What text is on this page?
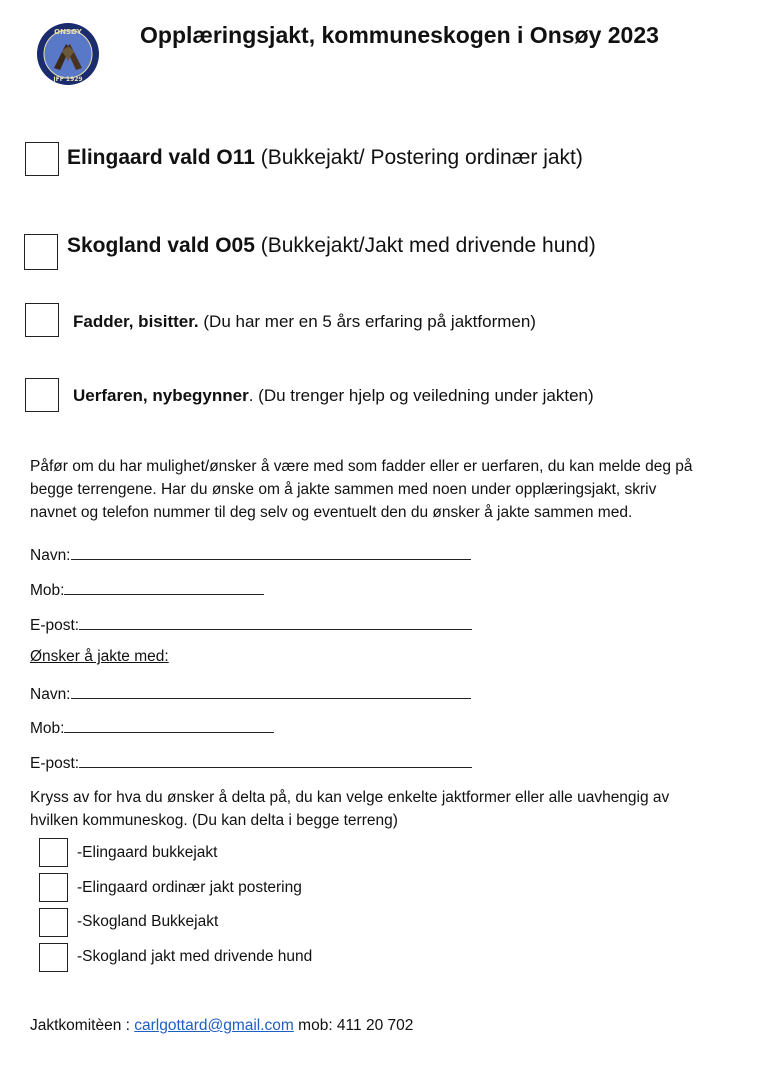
ONSØY
JFF 1929
Opplæringsjakt, kommuneskogen i Onsøy 2023
Elingaard vald O11 (Bukkejakt/ Postering ordinær jakt)
Skogland vald O05 (Bukkejakt/Jakt med drivende hund)
Fadder, bisitter. (Du har mer en 5 års erfaring på jaktformen)
Uerfaren, nybegynner. (Du trenger hjelp og veiledning under jakten)
Påfør om du har mulighet/ønsker å være med som fadder eller er uerfaren, du kan melde deg på
begge terrengene. Har du ønske om å jakte sammen med noen under opplæringsjakt, skriv
navnet og telefon nummer til deg selv og eventuelt den du ønsker å jakte sammen med.
Navn:
Mob:
E-post:
Ønsker å jakte med:
Navn:
Mob:
E-post:
Kryss av for hva du ønsker å delta på, du kan velge enkelte jaktformer eller alle uavhengig av
hvilken kommuneskog. (Du kan delta i begge terreng)
-Elingaard bukkejakt
-Elingaard ordinær jakt postering
-Skogland Bukkejakt
-Skogland jakt med drivende hund
Jaktkomitèen : carlgottard@gmail.com mob: 411 20 702
